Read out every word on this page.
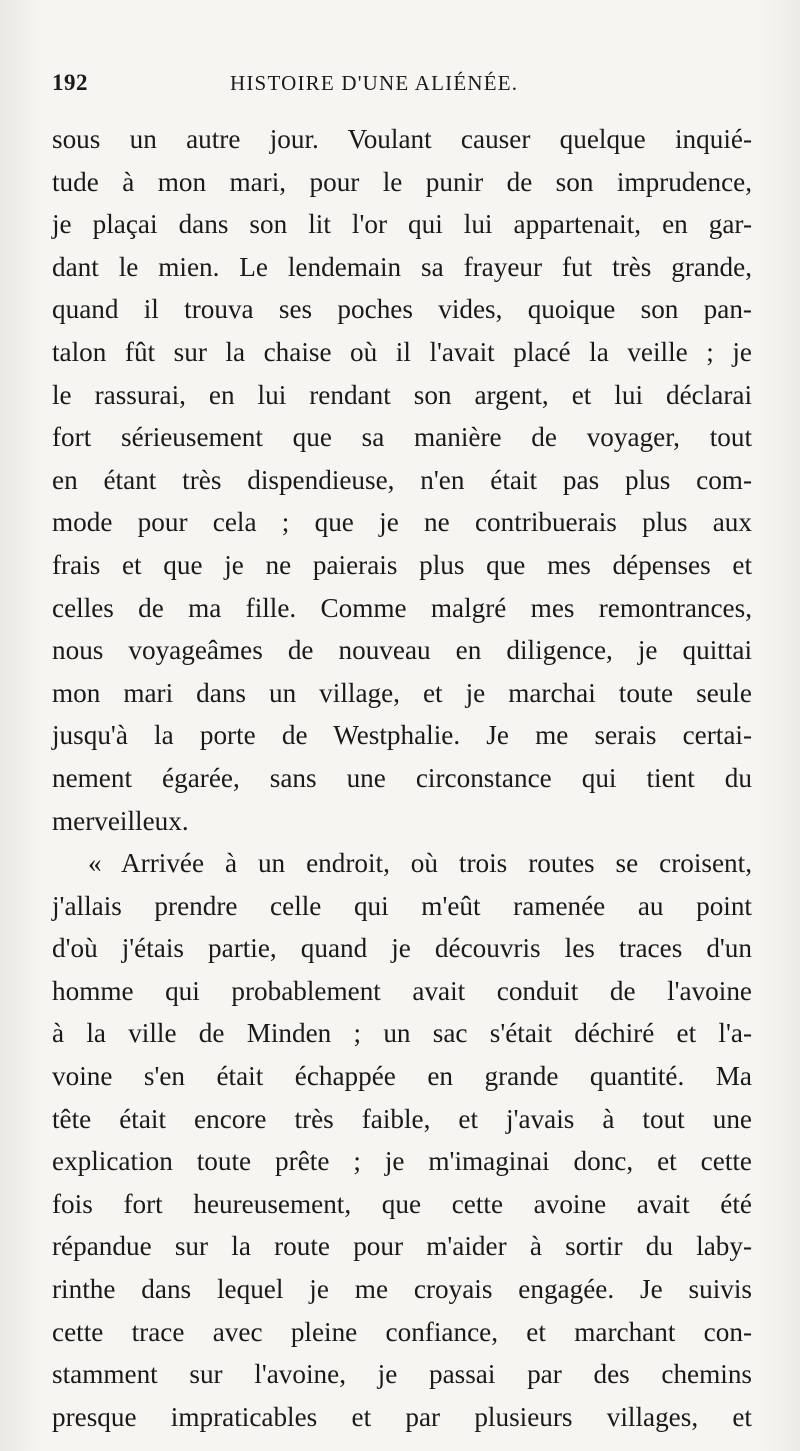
192	HISTOIRE D'UNE ALIÉNÉE.
sous un autre jour. Voulant causer quelque inquié-
tude à mon mari, pour le punir de son imprudence,
je plaçai dans son lit l'or qui lui appartenait, en gar-
dant le mien. Le lendemain sa frayeur fut très grande,
quand il trouva ses poches vides, quoique son pan-
talon fût sur la chaise où il l'avait placé la veille ; je
le rassurai, en lui rendant son argent, et lui déclarai
fort sérieusement que sa manière de voyager, tout
en étant très dispendieuse, n'en était pas plus com-
mode pour cela ; que je ne contribuerais plus aux
frais et que je ne paierais plus que mes dépenses et
celles de ma fille. Comme malgré mes remontrances,
nous voyageâmes de nouveau en diligence, je quittai
mon mari dans un village, et je marchai toute seule
jusqu'à la porte de Westphalie. Je me serais certai-
nement égarée, sans une circonstance qui tient du
merveilleux.
« Arrivée à un endroit, où trois routes se croisent,
j'allais prendre celle qui m'eût ramenée au point
d'où j'étais partie, quand je découvris les traces d'un
homme qui probablement avait conduit de l'avoine
à la ville de Minden ; un sac s'était déchiré et l'a-
voine s'en était échappée en grande quantité. Ma
tête était encore très faible, et j'avais à tout une
explication toute prête ; je m'imaginai donc, et cette
fois fort heureusement, que cette avoine avait été
répandue sur la route pour m'aider à sortir du laby-
rinthe dans lequel je me croyais engagée. Je suivis
cette trace avec pleine confiance, et marchant con-
stamment sur l'avoine, je passai par des chemins
presque impraticables et par plusieurs villages, et
